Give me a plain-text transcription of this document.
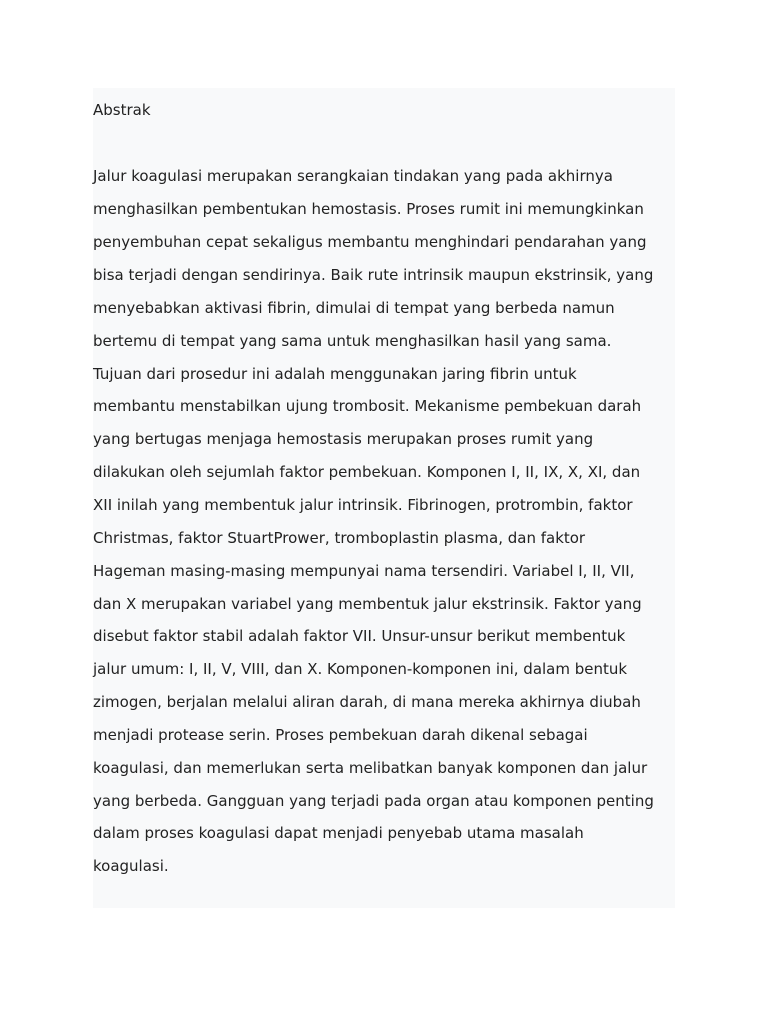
Abstrak

Jalur koagulasi merupakan serangkaian tindakan yang pada akhirnya

menghasilkan pembentukan hemostasis. Proses rumit ini memungkinkan

penyembuhan cepat sekaligus membantu menghindari pendarahan yang

bisa terjadi dengan sendirinya. Baik rute intrinsik maupun ekstrinsik, yang

menyebabkan aktivasi fibrin, dimulai di tempat yang berbeda namun

bertemu di tempat yang sama untuk menghasilkan hasil yang sama.

Tujuan dari prosedur ini adalah menggunakan jaring fibrin untuk

membantu menstabilkan ujung trombosit. Mekanisme pembekuan darah

yang bertugas menjaga hemostasis merupakan proses rumit yang

dilakukan oleh sejumlah faktor pembekuan. Komponen I, II, IX, X, XI, dan

XII inilah yang membentuk jalur intrinsik. Fibrinogen, protrombin, faktor

Christmas, faktor StuartPrower, tromboplastin plasma, dan faktor

Hageman masing-masing mempunyai nama tersendiri. Variabel I, II, VII,

dan X merupakan variabel yang membentuk jalur ekstrinsik. Faktor yang

disebut faktor stabil adalah faktor VII. Unsur-unsur berikut membentuk

jalur umum: I, II, V, VIII, dan X. Komponen-komponen ini, dalam bentuk

zimogen, berjalan melalui aliran darah, di mana mereka akhirnya diubah

menjadi protease serin. Proses pembekuan darah dikenal sebagai

koagulasi, dan memerlukan serta melibatkan banyak komponen dan jalur

yang berbeda. Gangguan yang terjadi pada organ atau komponen penting

dalam proses koagulasi dapat menjadi penyebab utama masalah

koagulasi.
